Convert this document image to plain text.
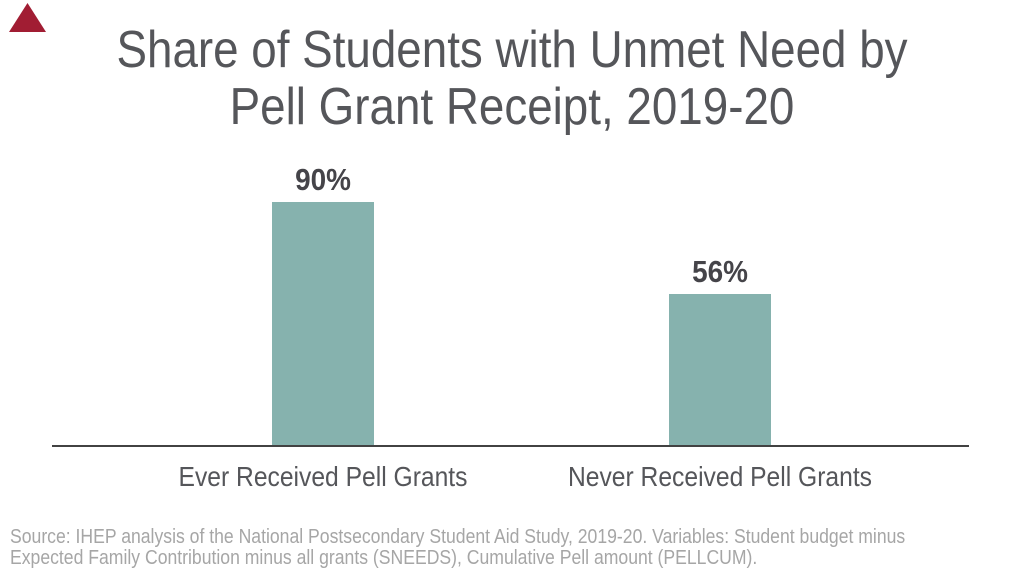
Share of Students with Unmet Need by
Pell Grant Receipt, 2019-20
90%
56%
Ever Received Pell Grants	Never Received Pell Grants
Source: IHEP analysis of the National Postsecondary Student Aid Study, 2019-20. Variables: Student budget minus
Expected Family Contribution minus all grants (SNEEDS), Cumulative Pell amount (PELLCUM).
